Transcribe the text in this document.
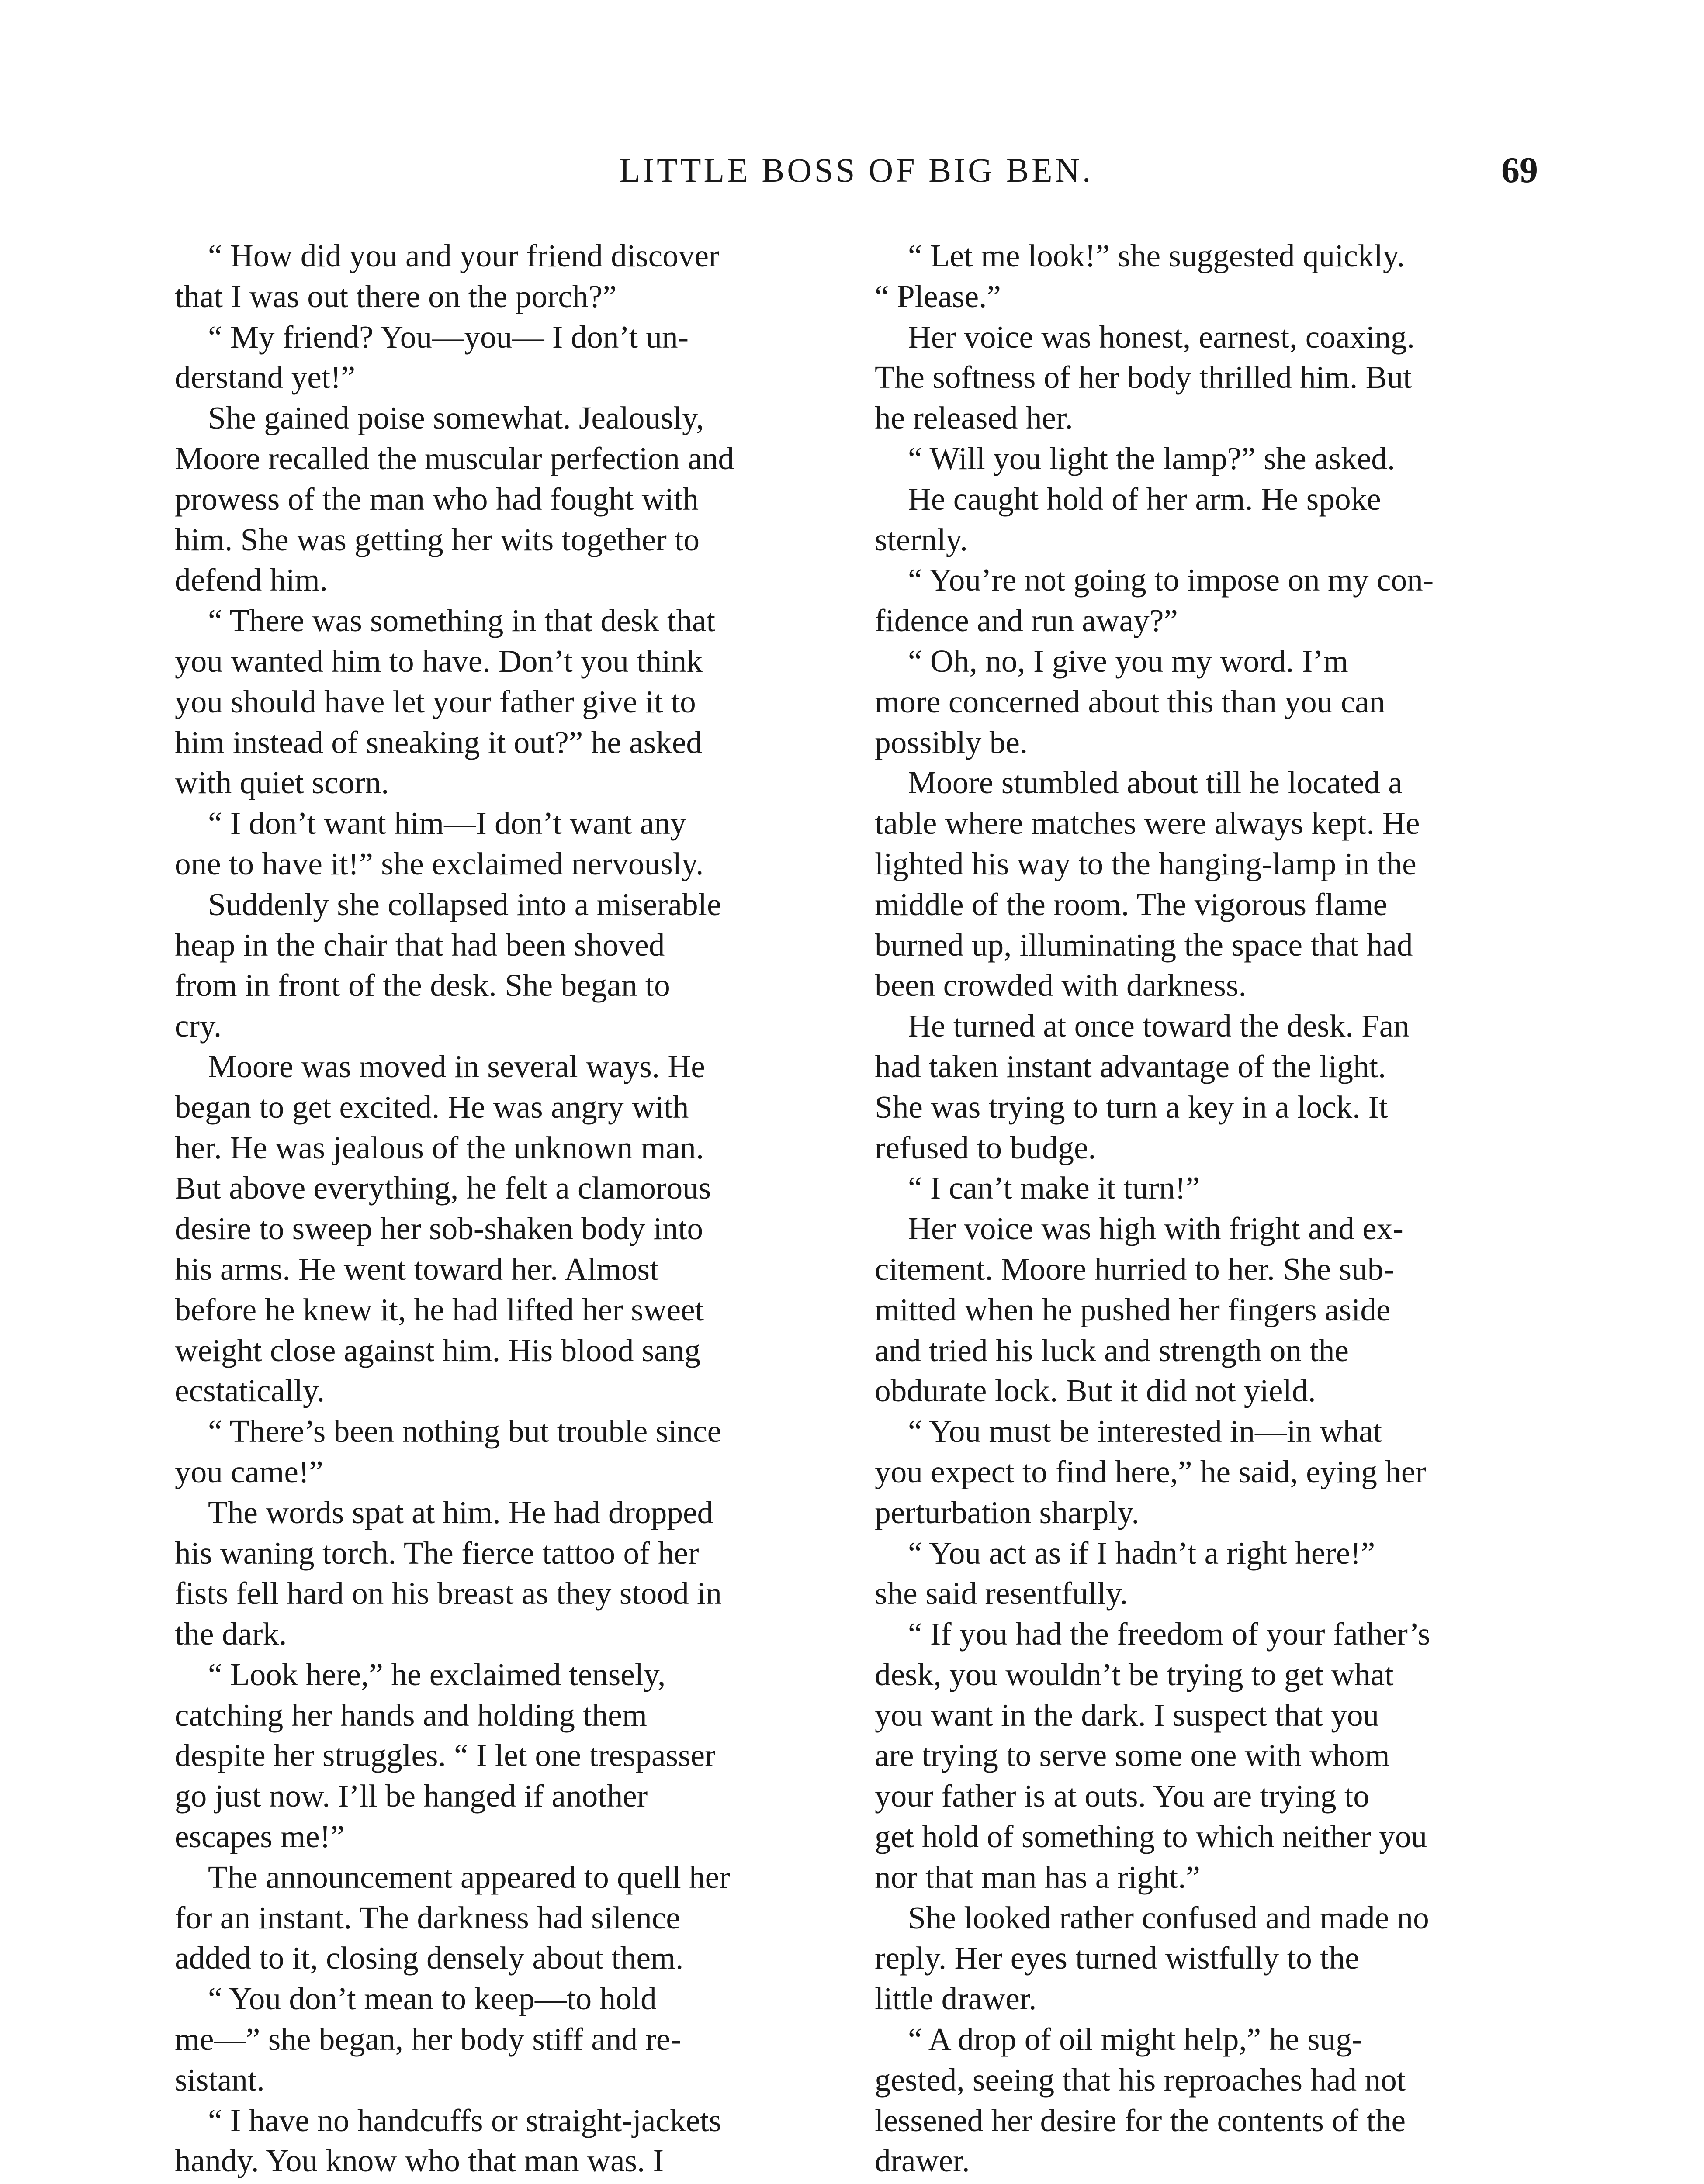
LITTLE BOSS OF BIG BEN.	69

“ How did you and your friend discover
that I was out there on the porch?”

“ My friend? You—you— I don’t un-
derstand yet!”

She gained poise somewhat. Jealously,
Moore recalled the muscular perfection and
prowess of the man who had fought with
him. She was getting her wits together to
defend him.

“ There was something in that desk that
you wanted him to have. Don’t you think
you should have let your father give it to
him instead of sneaking it out?” he asked
with quiet scorn.

“ I don’t want him—I don’t want any
one to have it!” she exclaimed nervously.

Suddenly she collapsed into a miserable
heap in the chair that had been shoved
from in front of the desk. She began to
cry.

Moore was moved in several ways. He
began to get excited. He was angry with
her. He was jealous of the unknown man.
But above everything, he felt a clamorous
desire to sweep her sob-shaken body into
his arms. He went toward her. Almost
before he knew it, he had lifted her sweet
weight close against him. His blood sang
ecstatically.

“ There’s been nothing but trouble since
you came!”

The words spat at him. He had dropped
his waning torch. The fierce tattoo of her
fists fell hard on his breast as they stood in
the dark.

“ Look here,” he exclaimed tensely,
catching her hands and holding them
despite her struggles. “ I let one trespasser
go just now. I’ll be hanged if another
escapes me!”

The announcement appeared to quell her
for an instant. The darkness had silence
added to it, closing densely about them.

“ You don’t mean to keep—to hold
me—” she began, her body stiff and re-
sistant.

“ I have no handcuffs or straight-jackets
handy. You know who that man was. I

“ Let me look!” she suggested quickly.
“ Please.”

Her voice was honest, earnest, coaxing.
The softness of her body thrilled him. But
he released her.

“ Will you light the lamp?” she asked.

He caught hold of her arm. He spoke
sternly.

“ You’re not going to impose on my con-
fidence and run away?”

“ Oh, no, I give you my word. I’m
more concerned about this than you can
possibly be.

Moore stumbled about till he located a
table where matches were always kept. He
lighted his way to the hanging-lamp in the
middle of the room. The vigorous flame
burned up, illuminating the space that had
been crowded with darkness.

He turned at once toward the desk. Fan
had taken instant advantage of the light.
She was trying to turn a key in a lock. It
refused to budge.

“ I can’t make it turn!”

Her voice was high with fright and ex-
citement. Moore hurried to her. She sub-
mitted when he pushed her fingers aside
and tried his luck and strength on the
obdurate lock. But it did not yield.

“ You must be interested in—in what
you expect to find here,” he said, eying her
perturbation sharply.

“ You act as if I hadn’t a right here!”
she said resentfully.

“ If you had the freedom of your father’s
desk, you wouldn’t be trying to get what
you want in the dark. I suspect that you
are trying to serve some one with whom
your father is at outs. You are trying to
get hold of something to which neither you
nor that man has a right.”

She looked rather confused and made no
reply. Her eyes turned wistfully to the
little drawer.

“ A drop of oil might help,” he sug-
gested, seeing that his reproaches had not
lessened her desire for the contents of the
drawer.
